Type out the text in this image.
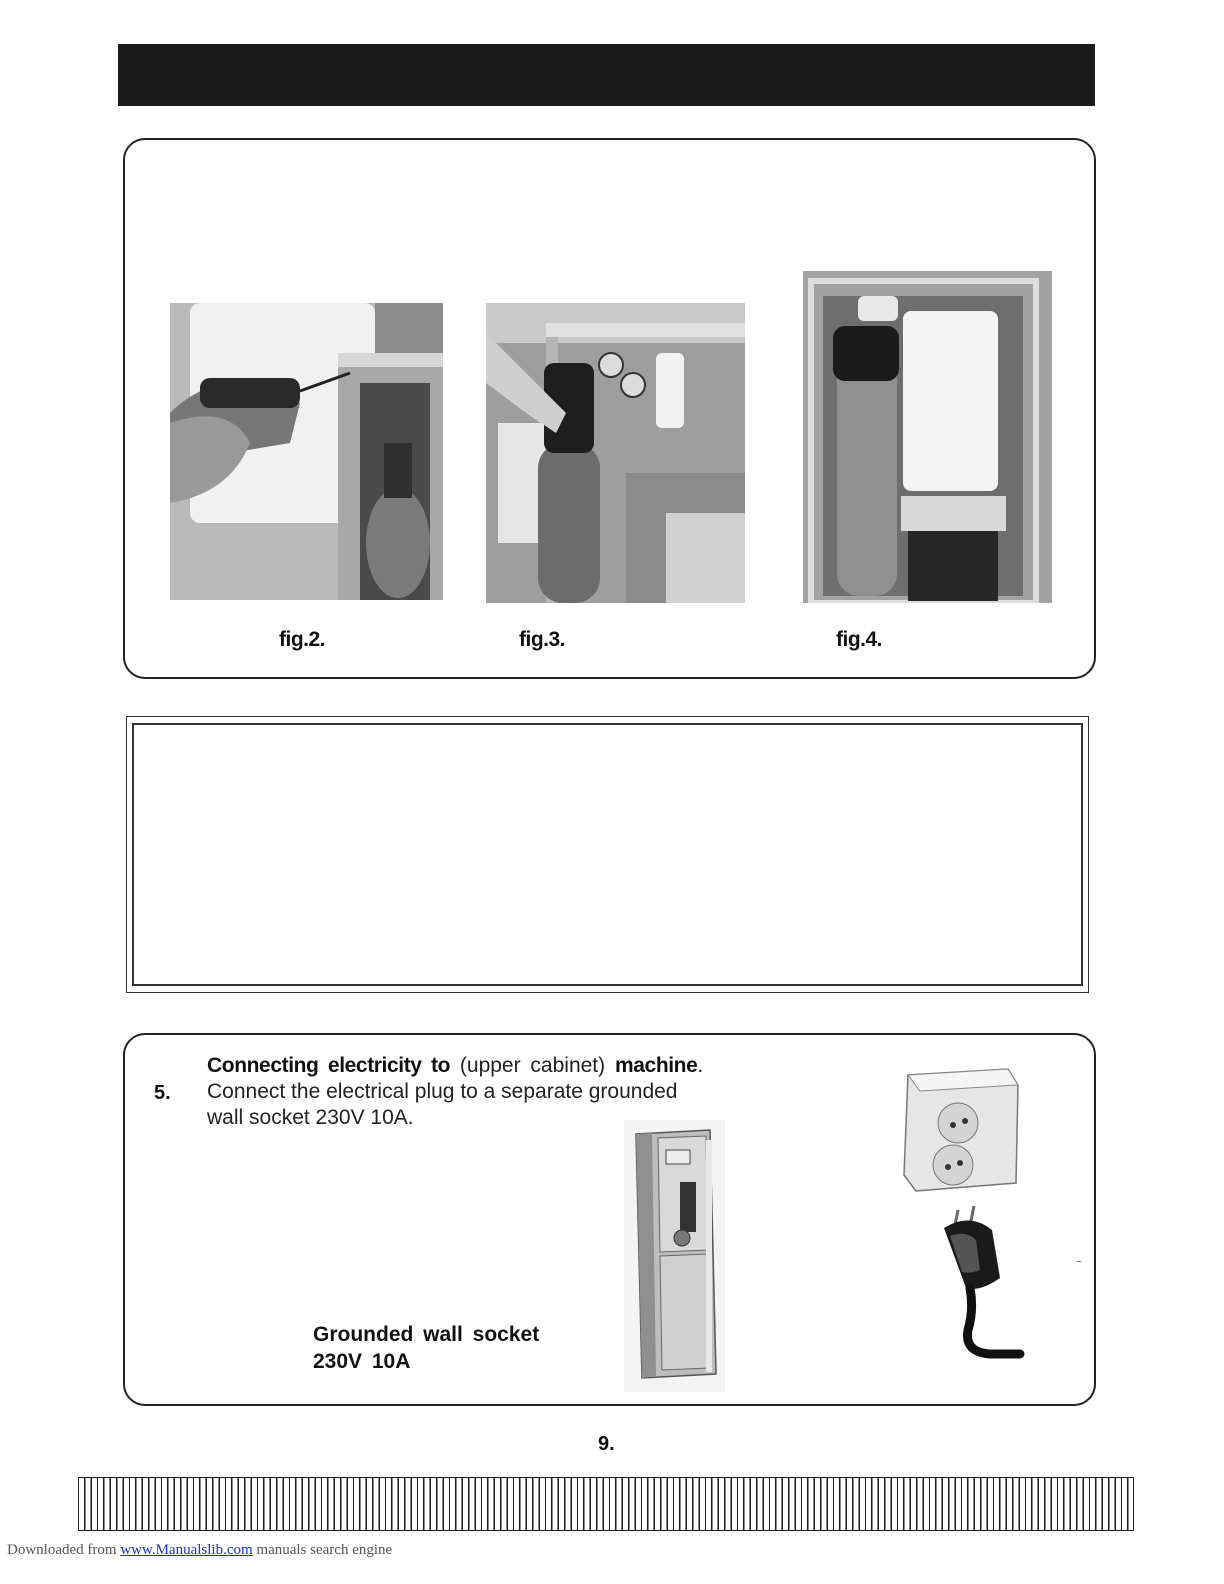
fig.2.	fig.3.	fig.4.
5.
Connecting electricity to (upper cabinet) machine.
Connect the electrical plug to a separate grounded
wall socket 230V 10A.
Grounded wall socket
230V 10A
~
9.
Downloaded from www.Manualslib.com manuals search engine
